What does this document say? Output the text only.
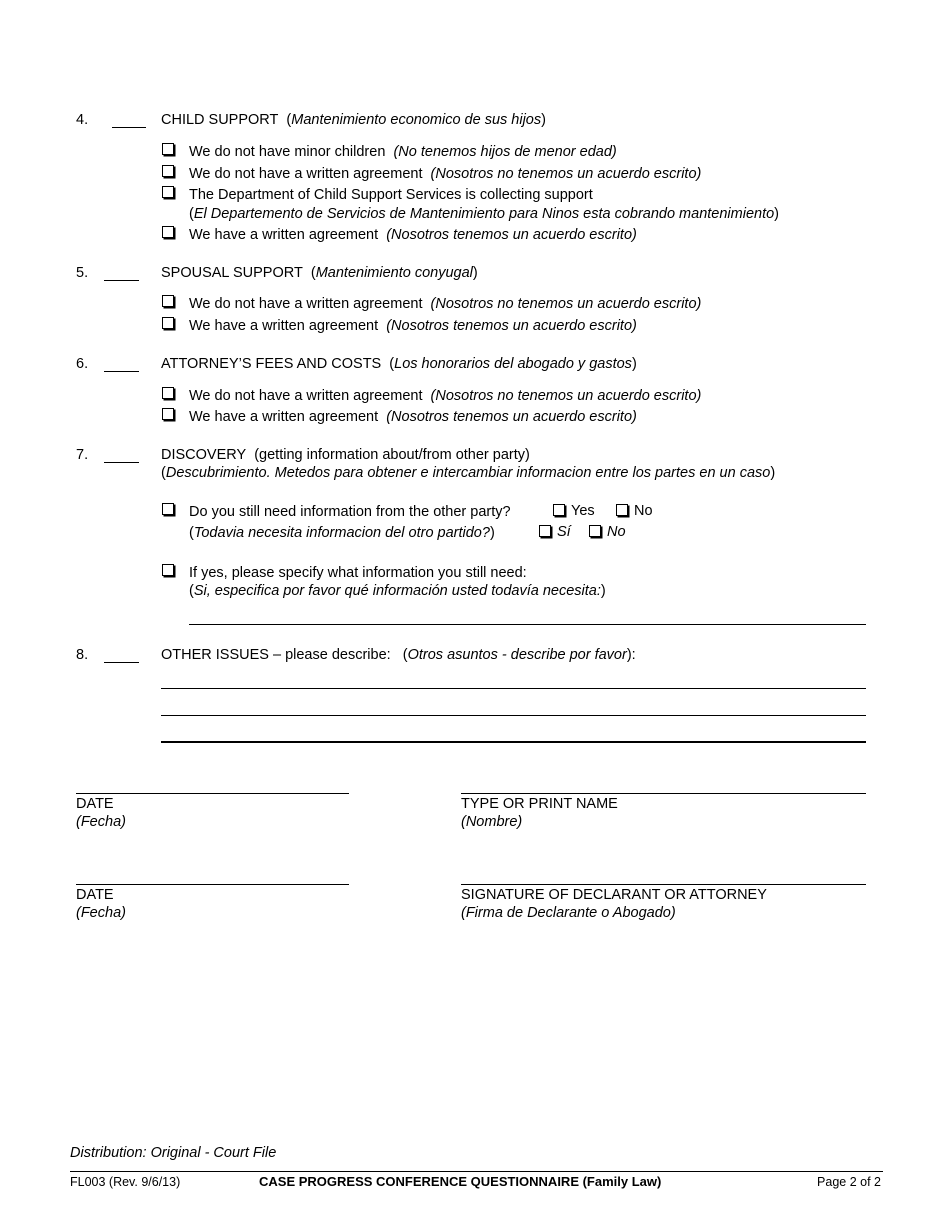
4.	CHILD SUPPORT  (Mantenimiento economico de sus hijos)
We do not have minor children (No tenemos hijos de menor edad)
We do not have a written agreement (Nosotros no tenemos un acuerdo escrito)
The Department of Child Support Services is collecting support
(El Departemento de Servicios de Mantenimiento para Ninos esta cobrando mantenimiento)
We have a written agreement (Nosotros tenemos un acuerdo escrito)
5.	SPOUSAL SUPPORT  (Mantenimiento conyugal)
We do not have a written agreement (Nosotros no tenemos un acuerdo escrito)
We have a written agreement (Nosotros tenemos un acuerdo escrito)
6.	ATTORNEY’S FEES AND COSTS  (Los honorarios del abogado y gastos)
We do not have a written agreement (Nosotros no tenemos un acuerdo escrito)
We have a written agreement (Nosotros tenemos un acuerdo escrito)
7.	DISCOVERY (getting information about/from other party)
(Descubrimiento. Metedos para obtener e intercambiar informacion entre los partes en un caso)
Do you still need information from the other party?	Yes	No
(Todavia necesita informacion del otro partido?)	Sí	No
If yes, please specify what information you still need:
(Si, especifica por favor qué información usted todavía necesita:)
8.	OTHER ISSUES – please describe:   (Otros asuntos - describe por favor):
DATE
(Fecha)
TYPE OR PRINT NAME
(Nombre)
DATE
(Fecha)
SIGNATURE OF DECLARANT OR ATTORNEY
(Firma de Declarante o Abogado)
Distribution: Original - Court File
FL003 (Rev. 9/6/13)	CASE PROGRESS CONFERENCE QUESTIONNAIRE (Family Law)	Page 2 of 2
